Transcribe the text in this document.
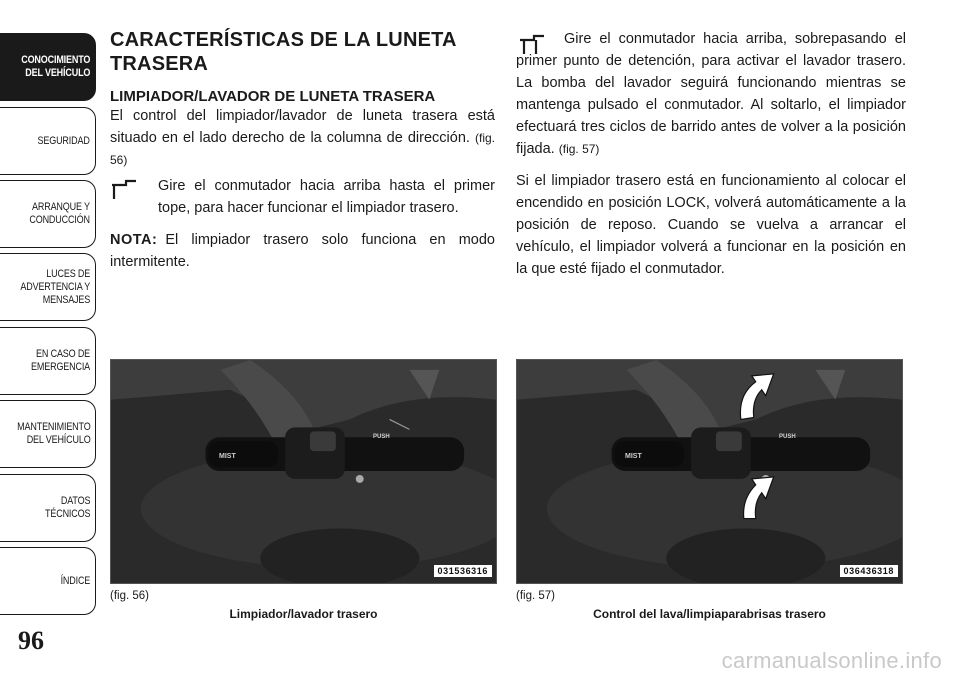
CONOCIMIENTO
DEL VEHÍCULO
SEGURIDAD
ARRANQUE Y
CONDUCCIÓN
LUCES DE
ADVERTENCIA Y
MENSAJES
EN CASO DE
EMERGENCIA
MANTENIMIENTO
DEL VEHÍCULO
DATOS
TÉCNICOS
ÍNDICE
96
CARACTERÍSTICAS DE LA LUNETA TRASERA
LIMPIADOR/LAVADOR DE LUNETA TRASERA

El control del limpiador/lavador de luneta trasera está situado en el lado derecho de la columna de dirección. (fig. 56)

Gire el conmutador hacia arriba hasta el primer tope, para hacer funcionar el limpiador trasero.

NOTA: El limpiador trasero solo funciona en modo intermitente.

Gire el conmutador hacia arriba, sobrepasando el primer punto de detención, para activar el lavador trasero. La bomba del lavador seguirá funcionando mientras se mantenga pulsado el conmutador. Al soltarlo, el limpiador efectuará tres ciclos de barrido antes de volver a la posición fijada. (fig. 57)

Si el limpiador trasero está en funcionamiento al colocar el encendido en posición LOCK, volverá automáticamente a la posición de reposo. Cuando se vuelva a arrancar el vehículo, el limpiador volverá a funcionar en la posición en la que esté fijado el conmutador.

MIST
PUSH
031536316
(fig. 56)
Limpiador/lavador trasero
MIST
PUSH
036436318
(fig. 57)
Control del lava/limpiaparabrisas trasero
carmanualsonline.info
